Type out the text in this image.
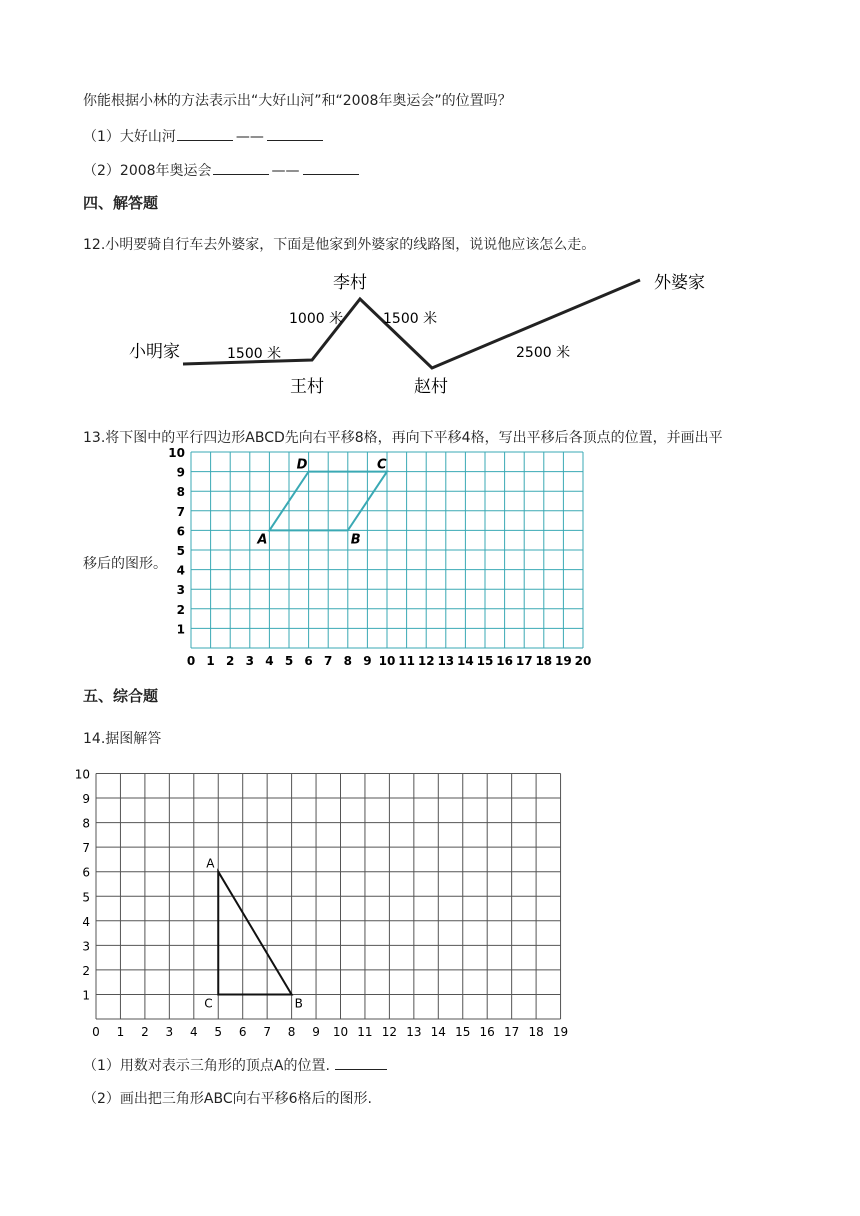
你能根据小林的方法表示出“大好山河”和“2008年奥运会”的位置吗？
（1）大好山河	——
（2）2008年奥运会	——
四、解答题
12.小明要骑自行车去外婆家，下面是他家到外婆家的线路图，说说他应该怎么走。
小明家
王村
李村
赵村
外婆家
1500 米
1000 米	1500 米
2500 米
13.将下图中的平行四边形ABCD先向右平移8格，再向下平移4格，写出平移后各顶点的位置，并画出平
移后的图形。
0 1 2 3 4 5 6 7 8 9 10 11 12 13 14 15 16 17 18 19 20
1
2
3
4
5
6
7
8
9
10
A	B
C
D
五、综合题
14.据图解答
0 1 2 3 4 5 6 7 8 9 10 11 12 13 14 15 16 17 18 19
1
2
3
4
5
6
7
8
9
10
A
B
C
（1）用数对表示三角形的顶点A的位置.
（2）画出把三角形ABC向右平移6格后的图形.
